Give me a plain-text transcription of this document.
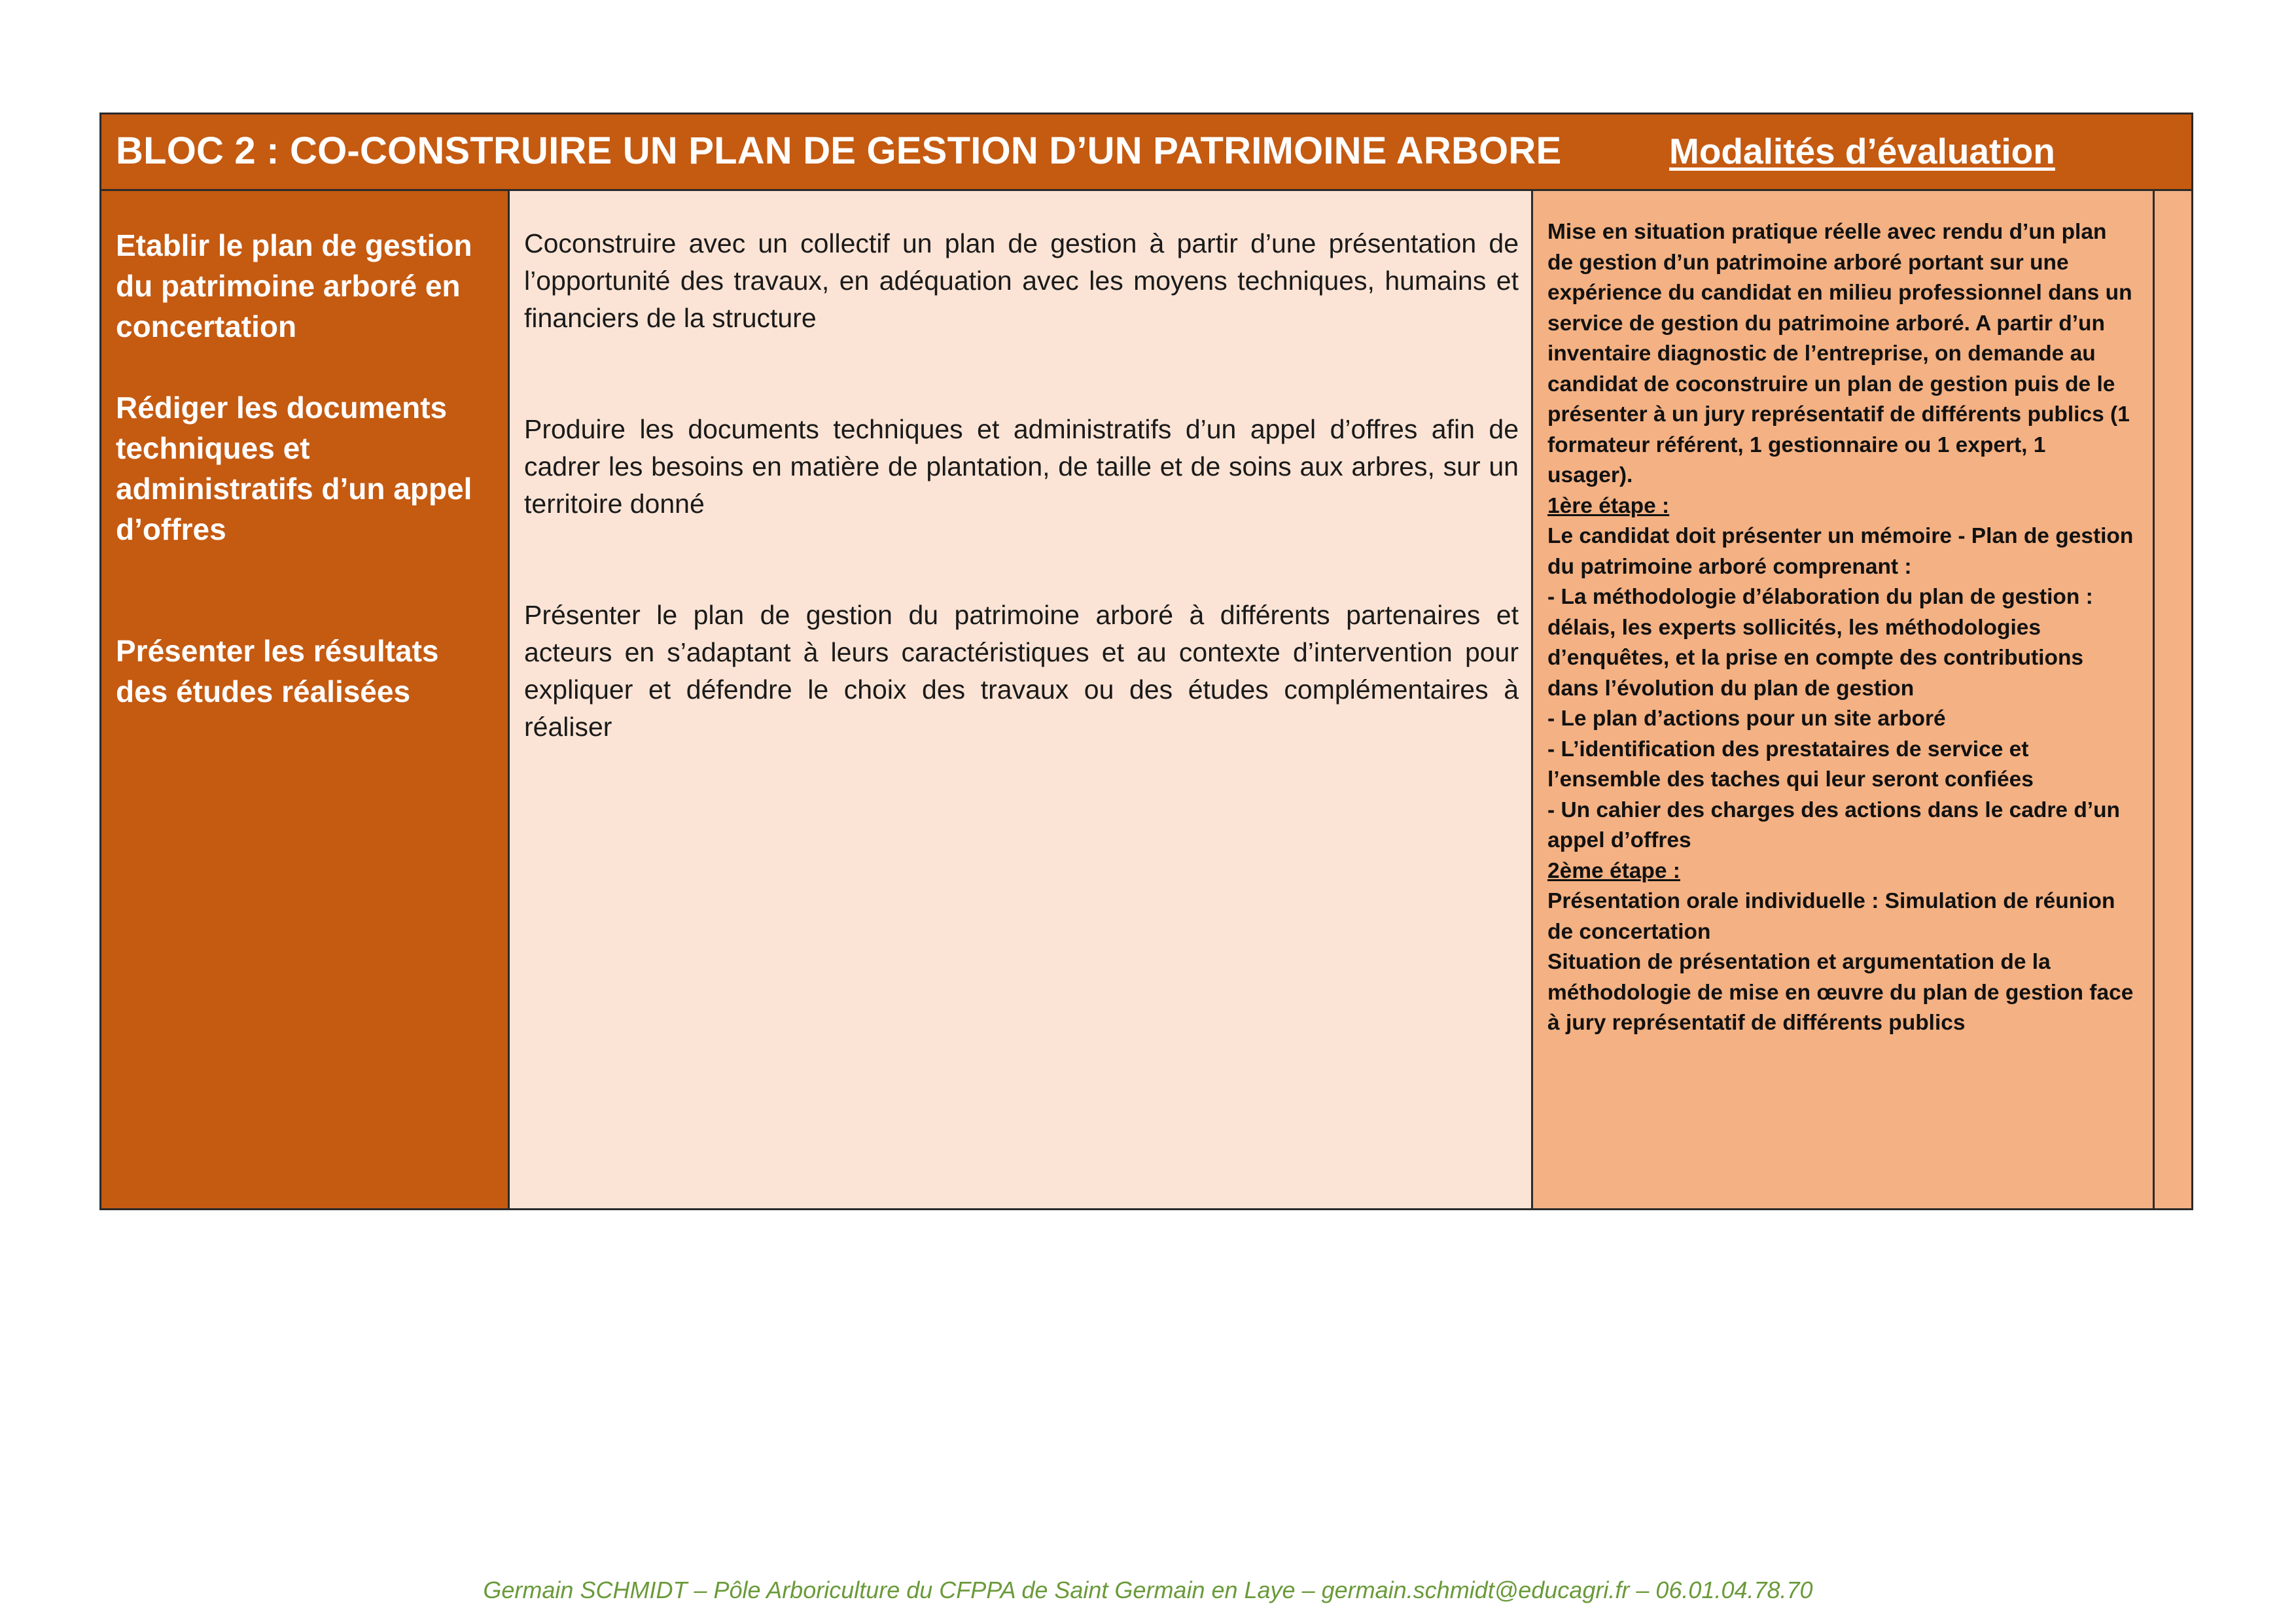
BLOC 2 : CO-CONSTRUIRE UN PLAN DE GESTION D’UN PATRIMOINE ARBORE	Modalités d’évaluation
Etablir le plan de gestion du patrimoine arboré en concertation
Rédiger les documents techniques et administratifs d’un appel d’offres
Présenter les résultats des études réalisées
Coconstruire avec un collectif un plan de gestion à partir d’une présentation de l’opportunité des travaux, en adéquation avec les moyens techniques, humains et financiers de la structure
Produire les documents techniques et administratifs d’un appel d’offres afin de cadrer les besoins en matière de plantation, de taille et de soins aux arbres, sur un territoire donné
Présenter le plan de gestion du patrimoine arboré à différents partenaires et acteurs en s’adaptant à leurs caractéristiques et au contexte d’intervention pour expliquer et défendre le choix des travaux ou des études complémentaires à réaliser

Mise en situation pratique réelle avec rendu d’un plan de gestion d’un patrimoine arboré portant sur une expérience du candidat en milieu professionnel dans un service de gestion du patrimoine arboré. A partir d’un inventaire diagnostic de l’entreprise, on demande au candidat de coconstruire un plan de gestion puis de le présenter à un jury représentatif de différents publics (1 formateur référent, 1 gestionnaire ou 1 expert, 1 usager).

1ère étape :

Le candidat doit présenter un mémoire - Plan de gestion du patrimoine arboré comprenant :

- La méthodologie d’élaboration du plan de gestion : délais, les experts sollicités, les méthodologies d’enquêtes, et la prise en compte des contributions dans l’évolution du plan de gestion

- Le plan d’actions pour un site arboré

- L’identification des prestataires de service et l’ensemble des taches qui leur seront confiées

- Un cahier des charges des actions dans le cadre d’un appel d’offres

2ème étape :

Présentation orale individuelle : Simulation de réunion de concertation

Situation de présentation et argumentation de la méthodologie de mise en œuvre du plan de gestion face à jury représentatif de différents publics

Germain SCHMIDT – Pôle Arboriculture du CFPPA de Saint Germain en Laye – germain.schmidt@educagri.fr – 06.01.04.78.70
